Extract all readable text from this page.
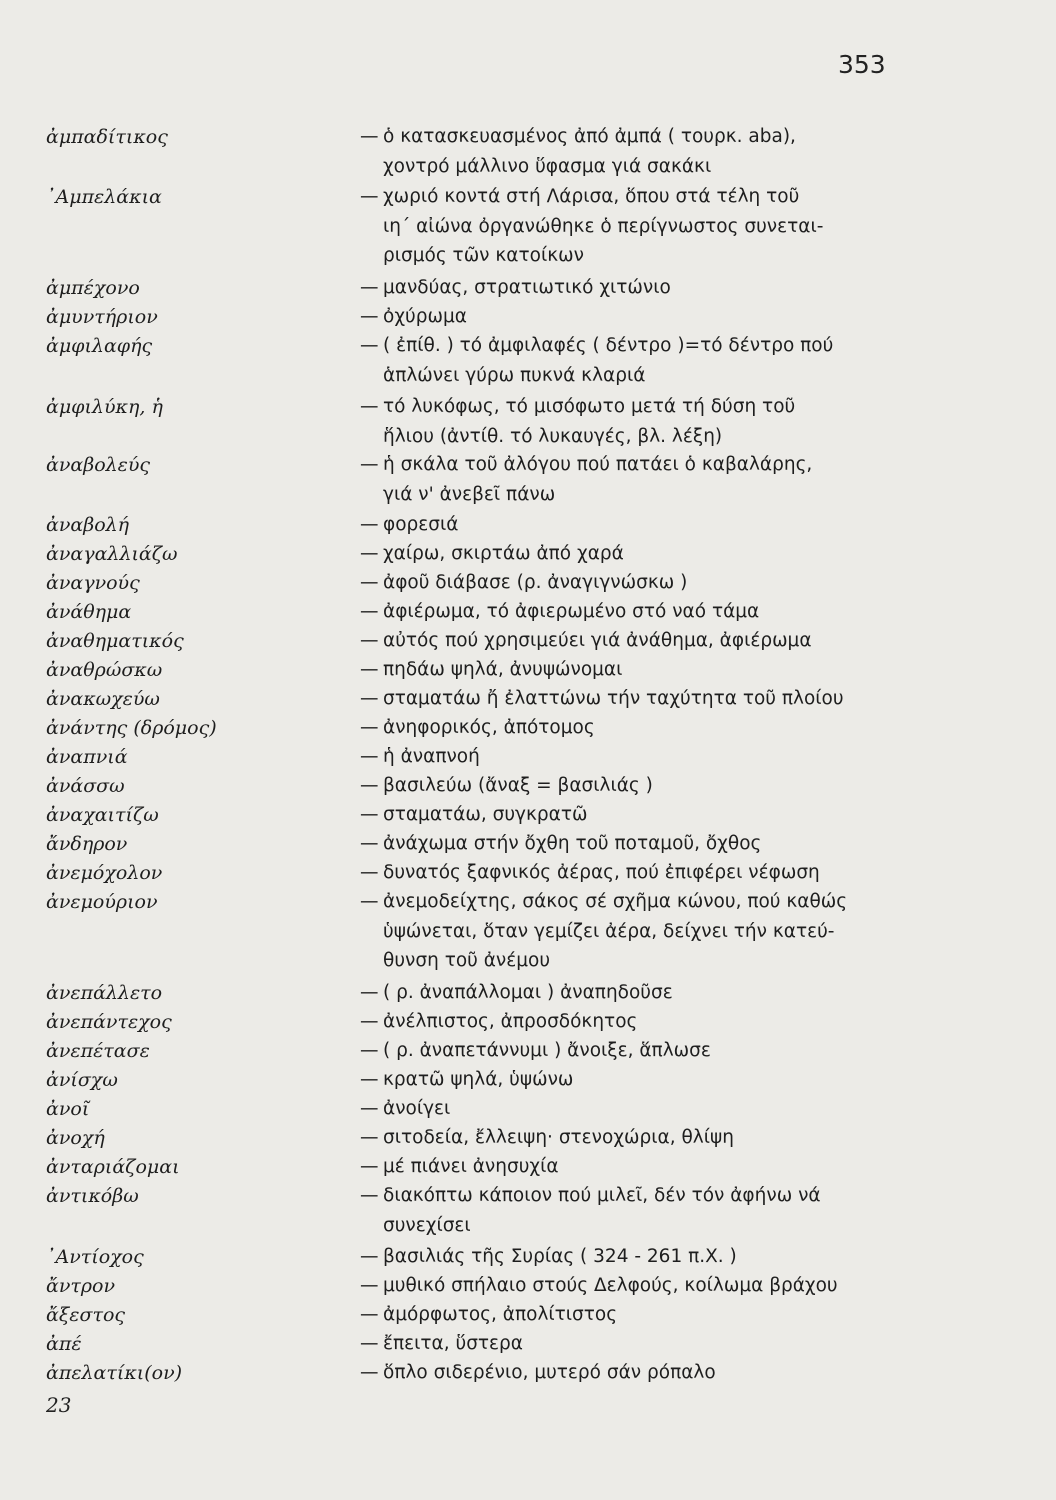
353
ἀμπαδίτικος	— ὁ κατασκευασμένος ἀπό ἀμπά ( τουρκ. aba),
χοντρό μάλλινο ὕφασμα γιά σακάκι
᾿Αμπελάκια	— χωριό κοντά στή Λάρισα, ὅπου στά τέλη τοῦ
ιη΄ αἰώνα ὀργανώθηκε ὁ περίγνωστος συνεται-
ρισμός τῶν κατοίκων
ἀμπέχονο	— μανδύας, στρατιωτικό χιτώνιο
ἀμυντήριον	— ὀχύρωμα
ἀμφιλαφής	— ( ἐπίθ. ) τό ἀμφιλαφές ( δέντρο )=τό δέντρο πού
ἁπλώνει γύρω πυκνά κλαριά
ἀμφιλύκη, ἡ	— τό λυκόφως, τό μισόφωτο μετά τή δύση τοῦ
ἥλιου (ἀντίθ. τό λυκαυγές, βλ. λέξη)
ἀναβολεύς	— ἡ σκάλα τοῦ ἀλόγου πού πατάει ὁ καβαλάρης,
γιά ν' ἀνεβεῖ πάνω
ἀναβολή	— φορεσιά
ἀναγαλλιάζω	— χαίρω, σκιρτάω ἀπό χαρά
ἀναγνούς	— ἀφοῦ διάβασε (ρ. ἀναγιγνώσκω )
ἀνάθημα	— ἀφιέρωμα, τό ἀφιερωμένο στό ναό τάμα
ἀναθηματικός	— αὐτός πού χρησιμεύει γιά ἀνάθημα, ἀφιέρωμα
ἀναθρώσκω	— πηδάω ψηλά, ἀνυψώνομαι
ἀνακωχεύω	— σταματάω ἤ ἐλαττώνω τήν ταχύτητα τοῦ πλοίου
ἀνάντης (δρόμος)	— ἀνηφορικός, ἀπότομος
ἀναπνιά	— ἡ ἀναπνοή
ἀνάσσω	— βασιλεύω (ἄναξ = βασιλιάς )
ἀναχαιτίζω	— σταματάω, συγκρατῶ
ἄνδηρον	— ἀνάχωμα στήν ὄχθη τοῦ ποταμοῦ, ὄχθος
ἀνεμόχολον	— δυνατός ξαφνικός ἀέρας, πού ἐπιφέρει νέφωση
ἀνεμούριον	— ἀνεμοδείχτης, σάκος σέ σχῆμα κώνου, πού καθώς
ὑψώνεται, ὅταν γεμίζει ἀέρα, δείχνει τήν κατεύ-
θυνση τοῦ ἀνέμου
ἀνεπάλλετο	— ( ρ. ἀναπάλλομαι ) ἀναπηδοῦσε
ἀνεπάντεχος	— ἀνέλπιστος, ἀπροσδόκητος
ἀνεπέτασε	— ( ρ. ἀναπετάννυμι ) ἄνοιξε, ἅπλωσε
ἀνίσχω	— κρατῶ ψηλά, ὑψώνω
ἀνοῖ	— ἀνοίγει
ἀνοχή	— σιτοδεία, ἔλλειψη· στενοχώρια, θλίψη
ἀνταριάζομαι	— μέ πιάνει ἀνησυχία
ἀντικόβω	— διακόπτω κάποιον πού μιλεῖ, δέν τόν ἀφήνω νά
συνεχίσει
᾿Αντίοχος	— βασιλιάς τῆς Συρίας ( 324 - 261 π.Χ. )
ἄντρον	— μυθικό σπήλαιο στούς Δελφούς, κοίλωμα βράχου
ἄξεστος	— ἀμόρφωτος, ἀπολίτιστος
ἀπέ	— ἔπειτα, ὕστερα
ἀπελατίκι(ον)	— ὅπλο σιδερένιο, μυτερό σάν ρόπαλο
23
